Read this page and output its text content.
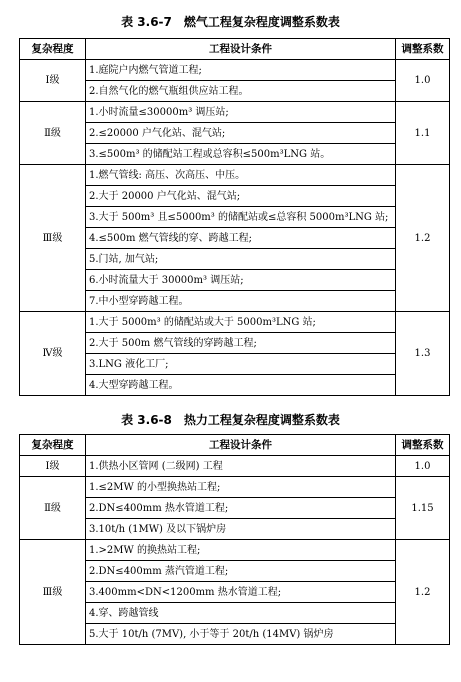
表 3.6-7　燃气工程复杂程度调整系数表
复杂程度	工程设计条件	调整系数
Ⅰ级	1.庭院户内燃气管道工程;	1.0
	2.自然气化的燃气瓶组供应站工程。	
Ⅱ级	1.小时流量≤30000m³ 调压站;	1.1
	2.≤20000 户气化站、混气站;	
	3.≤500m³ 的储配站工程或总容积≤500m³LNG 站。	
Ⅲ级	1.燃气管线: 高压、次高压、中压。	1.2
	2.大于 20000 户气化站、混气站;	
	3.大于 500m³ 且≤5000m³ 的储配站或≤总容积 5000m³LNG 站;	
	4.≤500m 燃气管线的穿、跨越工程;	
	5.门站, 加气站;	
	6.小时流量大于 30000m³ 调压站;	
	7.中小型穿跨越工程。	
Ⅳ级	1.大于 5000m³ 的储配站或大于 5000m³LNG 站;	1.3
	2.大于 500m 燃气管线的穿跨越工程;	
	3.LNG 液化工厂;	
	4.大型穿跨越工程。	
表 3.6-8　热力工程复杂程度调整系数表
复杂程度	工程设计条件	调整系数
Ⅰ级	1.供热小区管网 (二级网) 工程	1.0
Ⅱ级	1.≤2MW 的小型换热站工程;	1.15
	2.DN≤400mm 热水管道工程;	
	3.10t/h (1MW) 及以下锅炉房	
Ⅲ级	1.>2MW 的换热站工程;	1.2
	2.DN≤400mm 蒸汽管道工程;	
	3.400mm<DN<1200mm 热水管道工程;	
	4.穿、跨越管线	
	5.大于 10t/h (7MV), 小于等于 20t/h (14MV) 锅炉房	
